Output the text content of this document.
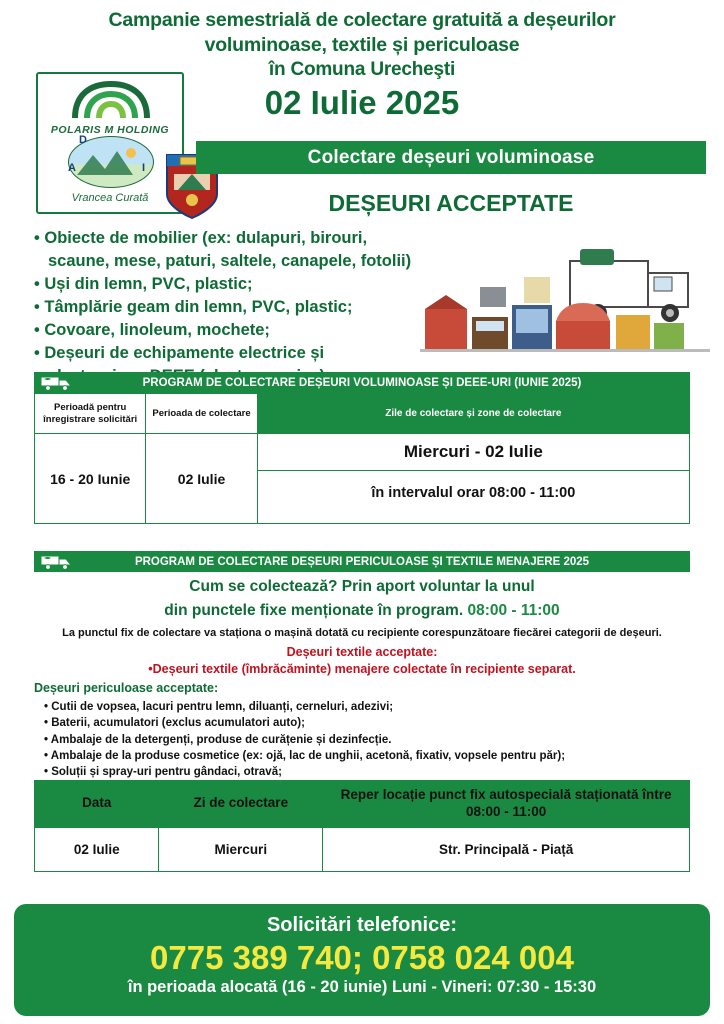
Campanie semestrială de colectare gratuită a deșeurilor
voluminoase, textile și periculoase
în Comuna Urecheşti
02 Iulie 2025
POLARIS M HOLDING
D
A	I
Vrancea Curată
Colectare deșeuri voluminoase
DEȘEURI ACCEPTATE
• Obiecte de mobilier (ex: dulapuri, birouri,
scaune, mese, paturi, saltele, canapele, fotolii)
• Uși din lemn, PVC, plastic;
• Tâmplărie geam din lemn, PVC, plastic;
• Covoare, linoleum, mochete;
• Deșeuri de echipamente electrice și
PROGRAM DE COLECTARE DEȘEURI VOLUMINOASE ȘI DEEE-URI (IUNIE 2025)
Perioadă pentru înregistrare solicitări	Perioada de colectare	Zile de colectare și zone de colectare
16 - 20 Iunie	02 Iulie	Miercuri - 02 Iulie
		în intervalul orar 08:00 - 11:00
PROGRAM DE COLECTARE DEȘEURI PERICULOASE ȘI TEXTILE MENAJERE 2025
Cum se colectează? Prin aport voluntar la unul
din punctele fixe menționate în program. 08:00 - 11:00
La punctul fix de colectare va staționa o mașină dotată cu recipiente corespunzătoare fiecărei categorii de deșeuri.
Deșeuri textile acceptate:
•Deșeuri textile (îmbrăcăminte) menajere colectate în recipiente separat.
Deșeuri periculoase acceptate:
• Cutii de vopsea, lacuri pentru lemn, diluanți, cerneluri, adezivi;
• Baterii, acumulatori (exclus acumulatori auto);
• Ambalaje de la detergenți, produse de curățenie și dezinfecție.
• Ambalaje de la produse cosmetice (ex: ojă, lac de unghii, acetonă, fixativ, vopsele pentru păr);
• Soluții și spray-uri pentru gândaci, otravă;
Data	Zi de colectare	Reper locație punct fix autospecială staționată între 08:00 - 11:00
02 Iulie	Miercuri	Str. Principală - Piață
Solicitări telefonice:
0775 389 740; 0758 024 004
în perioada alocată (16 - 20 iunie) Luni - Vineri: 07:30 - 15:30
